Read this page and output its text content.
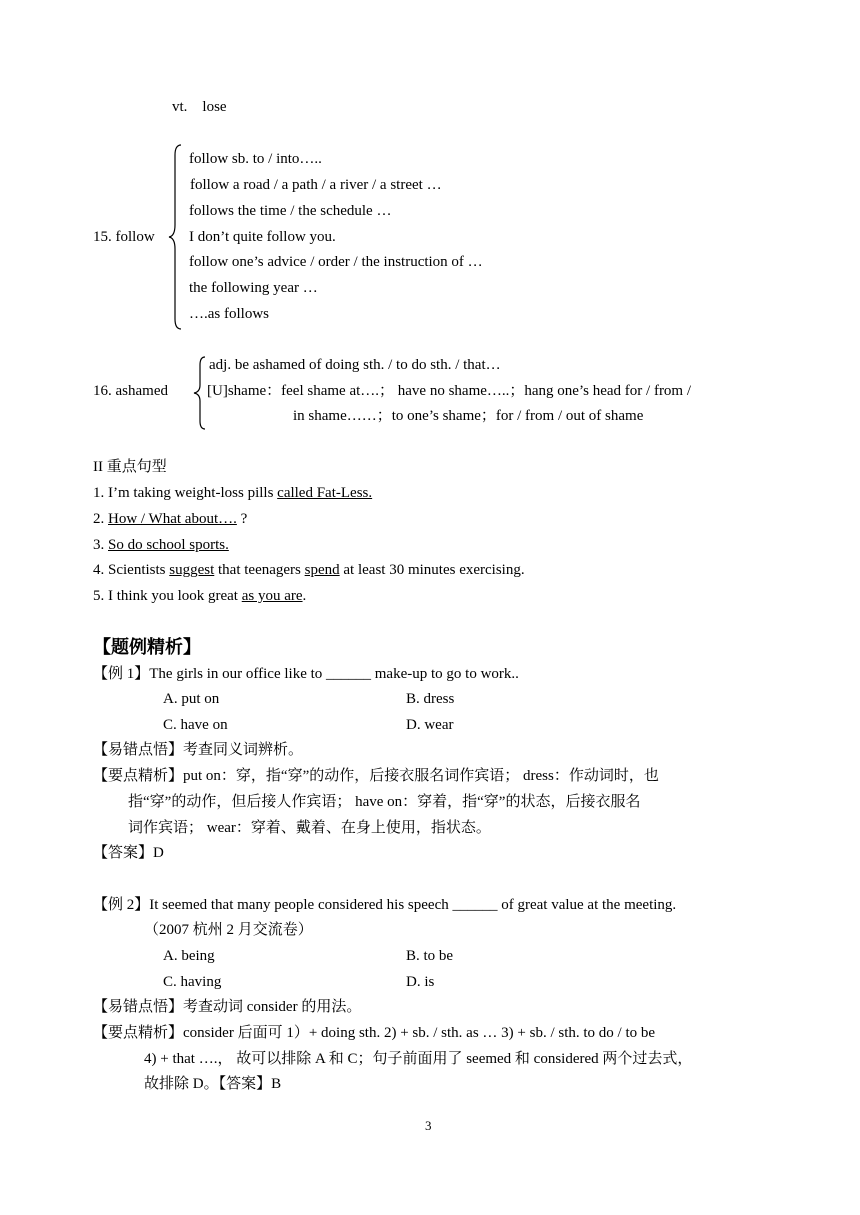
vt. lose
15. follow
follow sb. to / into…..
follow a road / a path / a river / a street …
follows the time / the schedule …
I don’t quite follow you.
follow one’s advice / order / the instruction of …
the following year …
….as follows
16. ashamed
adj. be ashamed of doing sth. / to do sth. / that…
[U]shame：feel shame at….； have no shame…..；hang one’s head for / from /
in shame……；to one’s shame；for / from / out of shame
II 重点句型
1. I’m taking weight-loss pills called Fat-Less.
2. How / What about…. ?
3. So do school sports.
4. Scientists suggest that teenagers spend at least 30 minutes exercising.
5. I think you look great as you are.
【题例精析】
【例 1】The girls in our office like to ______ make-up to go to work..
A. put on	B. dress
C. have on	D. wear
【易错点悟】考查同义词辨析。
【要点精析】put on：穿，指“穿”的动作，后接衣服名词作宾语； dress：作动词时，也
指“穿”的动作，但后接人作宾语； have on：穿着，指“穿”的状态，后接衣服名
词作宾语； wear：穿着、戴着、在身上使用，指状态。
【答案】D
【例 2】It seemed that many people considered his speech ______ of great value at the meeting.
（2007 杭州 2 月交流卷）
A. being	B. to be
C. having	D. is
【易错点悟】考查动词 consider 的用法。
【要点精析】consider 后面可 1）+ doing sth. 2) + sb. / sth. as … 3) + sb. / sth. to do / to be
4) + that ….， 故可以排除 A 和 C；句子前面用了 seemed 和 considered 两个过去式，
故排除 D。【答案】B
3
